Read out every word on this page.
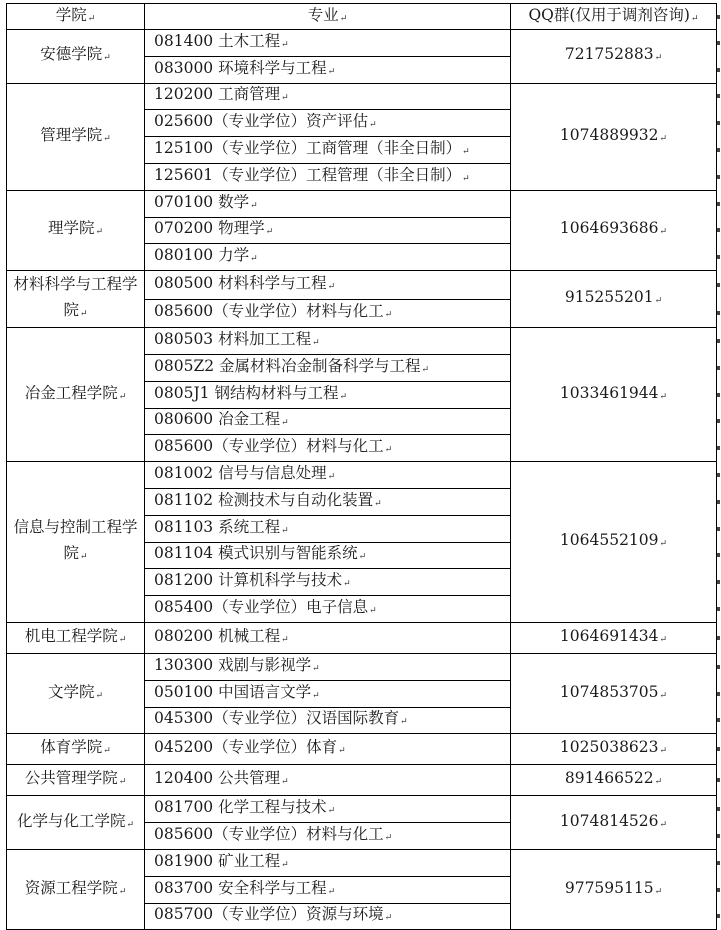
学院↵	专业↵	QQ群(仅用于调剂咨询)↵
安德学院↵	081400 土木工程↵	721752883↵
	083000 环境科学与工程↵	
管理学院↵	120200 工商管理↵	1074889932↵
	025600（专业学位）资产评估↵	
	125100（专业学位）工商管理（非全日制）↵	
	125601（专业学位）工程管理（非全日制）↵	
理学院↵	070100 数学↵	1064693686↵
	070200 物理学↵	
	080100 力学↵	
材料科学与工程学院↵	080500 材料科学与工程↵	915255201↵
	085600（专业学位）材料与化工↵	
冶金工程学院↵	080503 材料加工工程↵	1033461944↵
	0805Z2 金属材料冶金制备科学与工程↵	
	0805J1 钢结构材料与工程↵	
	080600 冶金工程↵	
	085600（专业学位）材料与化工↵	
信息与控制工程学院↵	081002 信号与信息处理↵	1064552109↵
	081102 检测技术与自动化装置↵	
	081103 系统工程↵	
	081104 模式识别与智能系统↵	
	081200 计算机科学与技术↵	
	085400（专业学位）电子信息↵	
机电工程学院↵	080200 机械工程↵	1064691434↵
文学院↵	130300 戏剧与影视学↵	1074853705↵
	050100 中国语言文学↵	
	045300（专业学位）汉语国际教育↵	
体育学院↵	045200（专业学位）体育↵	1025038623↵
公共管理学院↵	120400 公共管理↵	891466522↵
化学与化工学院↵	081700 化学工程与技术↵	1074814526↵
	085600（专业学位）材料与化工↵	
资源工程学院↵	081900 矿业工程↵	977595115↵
	083700 安全科学与工程↵	
	085700（专业学位）资源与环境↵	
